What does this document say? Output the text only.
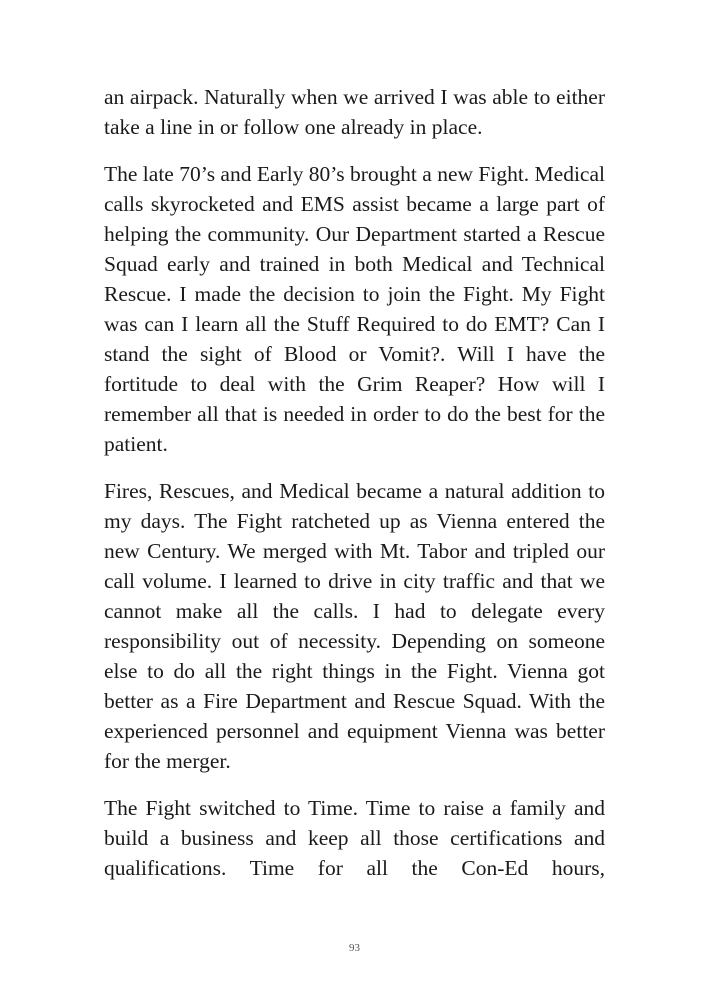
an airpack. Naturally when we arrived I was able to either take a line in or follow one already in place.

The late 70’s and Early 80’s brought a new Fight. Medical calls skyrocketed and EMS assist became a large part of helping the community. Our Department started a Rescue Squad early and trained in both Medical and Technical Rescue. I made the decision to join the Fight. My Fight was can I learn all the Stuff Required to do EMT? Can I stand the sight of Blood or Vomit?. Will I have the fortitude to deal with the Grim Reaper? How will I remember all that is needed in order to do the best for the patient.

Fires, Rescues, and Medical became a natural addition to my days. The Fight ratcheted up as Vienna entered the new Century. We merged with Mt. Tabor and tripled our call volume. I learned to drive in city traffic and that we cannot make all the calls. I had to delegate every responsibility out of necessity. Depending on someone else to do all the right things in the Fight. Vienna got better as a Fire Department and Rescue Squad. With the experienced personnel and equipment Vienna was better for the merger.

The Fight switched to Time. Time to raise a family and build a business and keep all those certifications and qualifications. Time for all the Con-Ed hours,

93
